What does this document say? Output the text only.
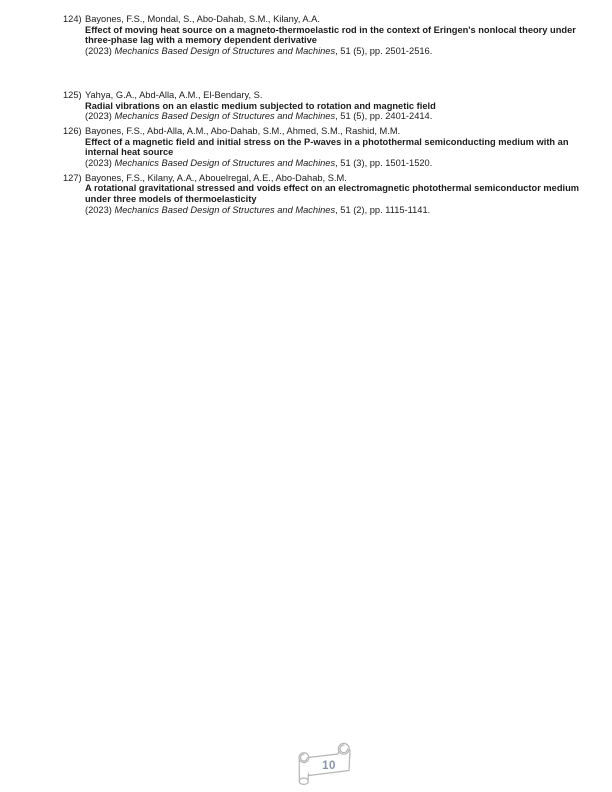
124) Bayones, F.S., Mondal, S., Abo-Dahab, S.M., Kilany, A.A.
Effect of moving heat source on a magneto-thermoelastic rod in the context of Eringen's nonlocal theory under three-phase lag with a memory dependent derivative
(2023) Mechanics Based Design of Structures and Machines, 51 (5), pp. 2501-2516.
125) Yahya, G.A., Abd-Alla, A.M., El-Bendary, S.
Radial vibrations on an elastic medium subjected to rotation and magnetic field
(2023) Mechanics Based Design of Structures and Machines, 51 (5), pp. 2401-2414.
126) Bayones, F.S., Abd-Alla, A.M., Abo-Dahab, S.M., Ahmed, S.M., Rashid, M.M.
Effect of a magnetic field and initial stress on the P-waves in a photothermal semiconducting medium with an internal heat source
(2023) Mechanics Based Design of Structures and Machines, 51 (3), pp. 1501-1520.
127) Bayones, F.S., Kilany, A.A., Abouelregal, A.E., Abo-Dahab, S.M.
A rotational gravitational stressed and voids effect on an electromagnetic photothermal semiconductor medium under three models of thermoelasticity
(2023) Mechanics Based Design of Structures and Machines, 51 (2), pp. 1115-1141.
10
